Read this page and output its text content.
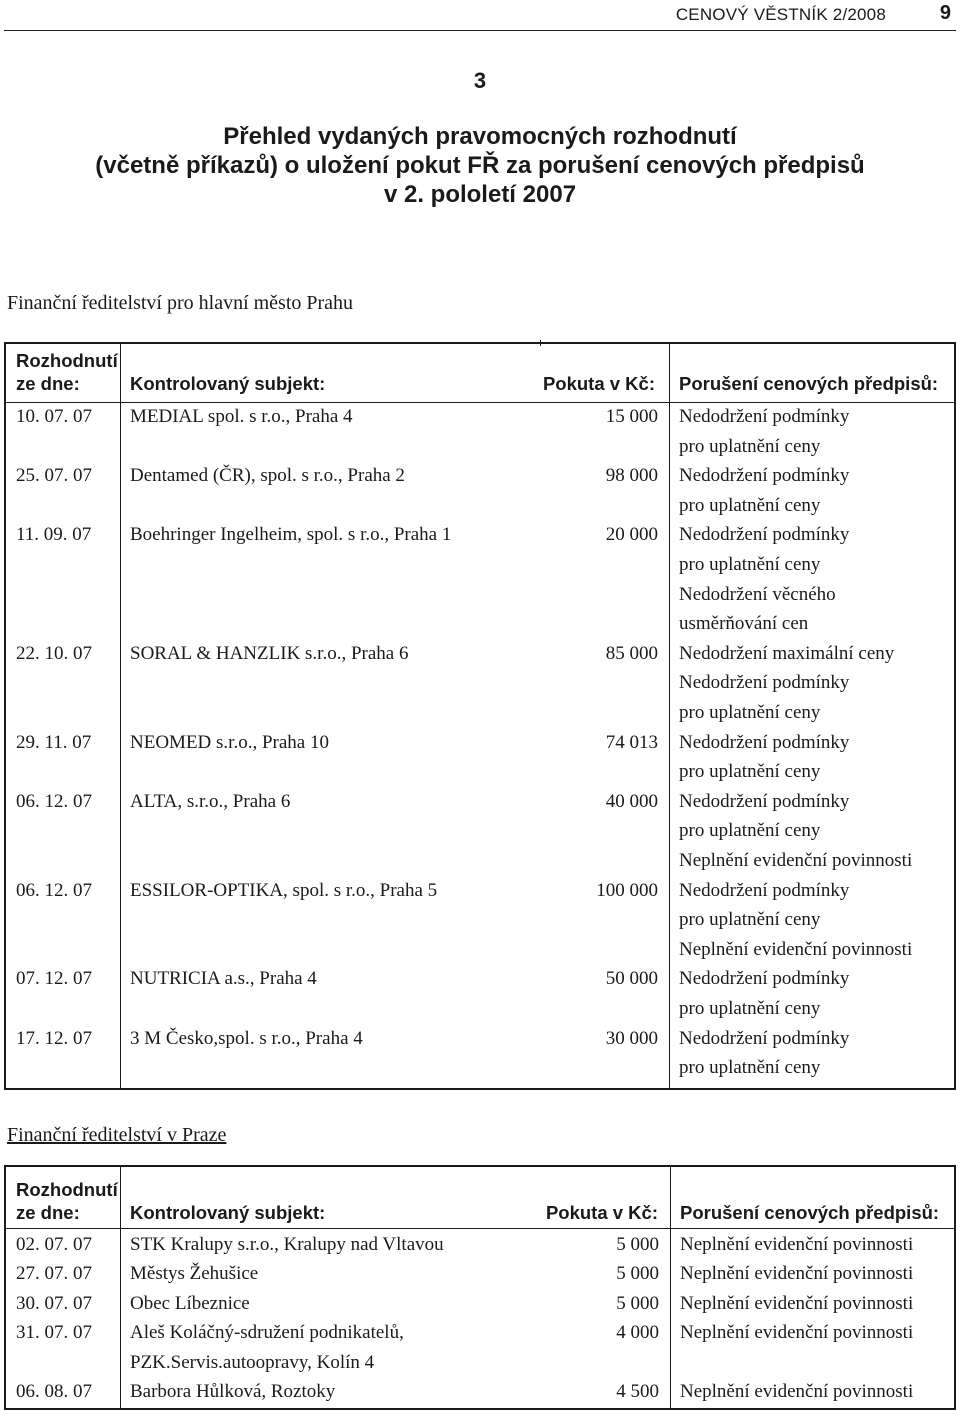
CENOVÝ VĚSTNÍK 2/2008	9
3
Přehled vydaných pravomocných rozhodnutí
(včetně příkazů) o uložení pokut FŘ za porušení cenových předpisů
v 2. pololetí 2007
Finanční ředitelství pro hlavní město Prahu
Rozhodnutí
ze dne:	Kontrolovaný subjekt:	Pokuta v Kč: Porušení cenových předpisů:
10. 07. 07 MEDIAL spol. s r.o., Praha 4	15 000 Nedodržení podmínky
pro uplatnění ceny
25. 07. 07 Dentamed (ČR), spol. s r.o., Praha 2	98 000 Nedodržení podmínky
pro uplatnění ceny
11. 09. 07 Boehringer Ingelheim, spol. s r.o., Praha 1	20 000 Nedodržení podmínky
pro uplatnění ceny
Nedodržení věcného
usměrňování cen
22. 10. 07 SORAL & HANZLIK s.r.o., Praha 6	85 000 Nedodržení maximální ceny
Nedodržení podmínky
pro uplatnění ceny
29. 11. 07 NEOMED s.r.o., Praha 10	74 013 Nedodržení podmínky
pro uplatnění ceny
06. 12. 07 ALTA, s.r.o., Praha 6	40 000 Nedodržení podmínky
pro uplatnění ceny
Neplnění evidenční povinnosti
06. 12. 07 ESSILOR-OPTIKA, spol. s r.o., Praha 5	100 000 Nedodržení podmínky
pro uplatnění ceny
Neplnění evidenční povinnosti
07. 12. 07 NUTRICIA a.s., Praha 4	50 000 Nedodržení podmínky
pro uplatnění ceny
17. 12. 07 3 M Česko,spol. s r.o., Praha 4	30 000 Nedodržení podmínky
pro uplatnění ceny
Finanční ředitelství v Praze
Rozhodnutí
ze dne:	Kontrolovaný subjekt:	Pokuta v Kč: Porušení cenových předpisů:
02. 07. 07 STK Kralupy s.r.o., Kralupy nad Vltavou	5 000 Neplnění evidenční povinnosti
27. 07. 07 Městys Žehušice	5 000 Neplnění evidenční povinnosti
30. 07. 07 Obec Líbeznice	5 000 Neplnění evidenční povinnosti
31. 07. 07 Aleš Koláčný-sdružení podnikatelů,
PZK.Servis.autoopravy, Kolín 4
4 000 Neplnění evidenční povinnosti
06. 08. 07 Barbora Hůlková, Roztoky	4 500 Neplnění evidenční povinnosti
